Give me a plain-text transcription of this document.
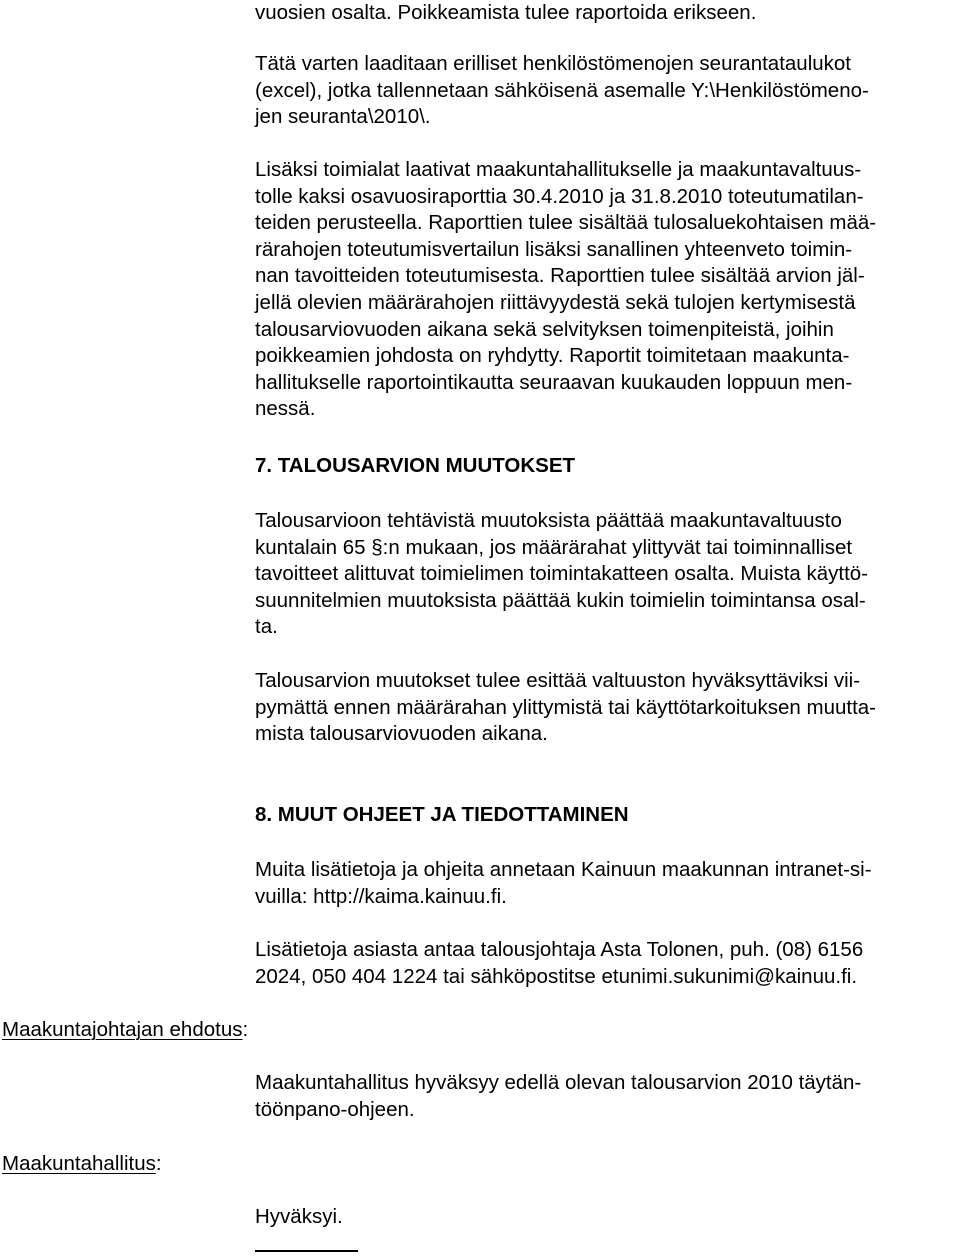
vuosien osalta. Poikkeamista tulee raportoida erikseen.
Tätä varten laaditaan erilliset henkilöstömenojen seurantataulukot
(excel), jotka tallennetaan sähköisenä asemalle Y:\Henkilöstömeno-
jen seuranta\2010\.
Lisäksi toimialat laativat maakuntahallitukselle ja maakuntavaltuus-
tolle kaksi osavuosiraporttia 30.4.2010 ja 31.8.2010 toteutumatilan-
teiden perusteella. Raporttien tulee sisältää tulosaluekohtaisen mää-
rärahojen toteutumisvertailun lisäksi sanallinen yhteenveto toimin-
nan tavoitteiden toteutumisesta. Raporttien tulee sisältää arvion jäl-
jellä olevien määrärahojen riittävyydestä sekä tulojen kertymisestä
talousarviovuoden aikana sekä selvityksen toimenpiteistä, joihin
poikkeamien johdosta on ryhdytty. Raportit toimitetaan maakunta-
hallitukselle raportointikautta seuraavan kuukauden loppuun men-
nessä.
7. TALOUSARVION MUUTOKSET
Talousarvioon tehtävistä muutoksista päättää maakuntavaltuusto
kuntalain 65 §:n mukaan, jos määrärahat ylittyvät tai toiminnalliset
tavoitteet alittuvat toimielimen toimintakatteen osalta. Muista käyttö-
suunnitelmien muutoksista päättää kukin toimielin toimintansa osal-
ta.
Talousarvion muutokset tulee esittää valtuuston hyväksyttäviksi vii-
pymättä ennen määrärahan ylittymistä tai käyttötarkoituksen muutta-
mista talousarviovuoden aikana.
8. MUUT OHJEET JA TIEDOTTAMINEN
Muita lisätietoja ja ohjeita annetaan Kainuun maakunnan intranet-si-
vuilla: http://kaima.kainuu.fi.
Lisätietoja asiasta antaa talousjohtaja Asta Tolonen, puh. (08) 6156
2024, 050 404 1224 tai sähköpostitse etunimi.sukunimi@kainuu.fi.
Maakuntajohtajan ehdotus:
Maakuntahallitus hyväksyy edellä olevan talousarvion 2010 täytän-
töönpano-ohjeen.
Maakuntahallitus:
Hyväksyi.
